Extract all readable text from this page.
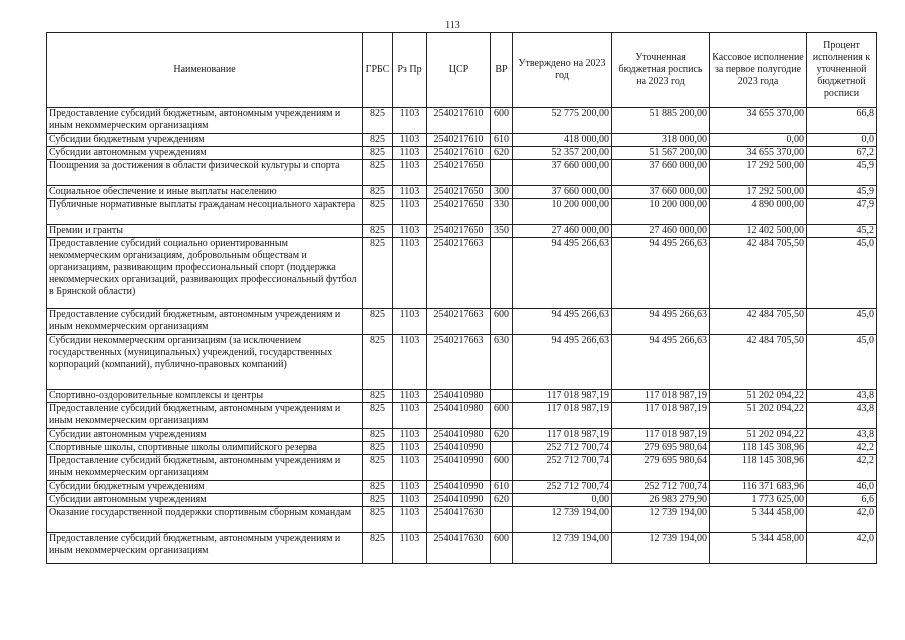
113
Наименование	ГРБС	Рз Пр	ЦСР	ВР	Утверждено на 2023 год	Уточненная бюджетная роспись на 2023 год	Кассовое исполнение за первое полугодие 2023 года	Процент исполнения к уточненной бюджетной росписи
Предоставление субсидий бюджетным, автономным учреждениям и иным некоммерческим организациям	825	1103	2540217610	600	52 775 200,00	51 885 200,00	34 655 370,00	66,8
Субсидии бюджетным учреждениям	825	1103	2540217610	610	418 000,00	318 000,00	0,00	0,0
Субсидии автономным учреждениям	825	1103	2540217610	620	52 357 200,00	51 567 200,00	34 655 370,00	67,2
Поощрения за достижения в области физической культуры и спорта	825	1103	2540217650		37 660 000,00	37 660 000,00	17 292 500,00	45,9
Социальное обеспечение и иные выплаты населению	825	1103	2540217650	300	37 660 000,00	37 660 000,00	17 292 500,00	45,9
Публичные нормативные выплаты гражданам несоциального характера	825	1103	2540217650	330	10 200 000,00	10 200 000,00	4 890 000,00	47,9
Премии и гранты	825	1103	2540217650	350	27 460 000,00	27 460 000,00	12 402 500,00	45,2
Предоставление субсидий социально ориентированным некоммерческим организациям, добровольным обществам и организациям, развивающим профессиональный спорт (поддержка некоммерческих организаций, развивающих профессиональный футбол в Брянской области)	825	1103	2540217663		94 495 266,63	94 495 266,63	42 484 705,50	45,0
Предоставление субсидий бюджетным, автономным учреждениям и иным некоммерческим организациям	825	1103	2540217663	600	94 495 266,63	94 495 266,63	42 484 705,50	45,0
Субсидии некоммерческим организациям (за исключением государственных (муниципальных) учреждений, государственных корпораций (компаний), публично-правовых компаний)	825	1103	2540217663	630	94 495 266,63	94 495 266,63	42 484 705,50	45,0
Спортивно-оздоровительные комплексы и центры	825	1103	2540410980		117 018 987,19	117 018 987,19	51 202 094,22	43,8
Предоставление субсидий бюджетным, автономным учреждениям и иным некоммерческим организациям	825	1103	2540410980	600	117 018 987,19	117 018 987,19	51 202 094,22	43,8
Субсидии автономным учреждениям	825	1103	2540410980	620	117 018 987,19	117 018 987,19	51 202 094,22	43,8
Спортивные школы, спортивные школы олимпийского резерва	825	1103	2540410990		252 712 700,74	279 695 980,64	118 145 308,96	42,2
Предоставление субсидий бюджетным, автономным учреждениям и иным некоммерческим организациям	825	1103	2540410990	600	252 712 700,74	279 695 980,64	118 145 308,96	42,2
Субсидии бюджетным учреждениям	825	1103	2540410990	610	252 712 700,74	252 712 700,74	116 371 683,96	46,0
Субсидии автономным учреждениям	825	1103	2540410990	620	0,00	26 983 279,90	1 773 625,00	6,6
Оказание государственной поддержки спортивным сборным командам	825	1103	2540417630		12 739 194,00	12 739 194,00	5 344 458,00	42,0
Предоставление субсидий бюджетным, автономным учреждениям и иным некоммерческим организациям	825	1103	2540417630	600	12 739 194,00	12 739 194,00	5 344 458,00	42,0
